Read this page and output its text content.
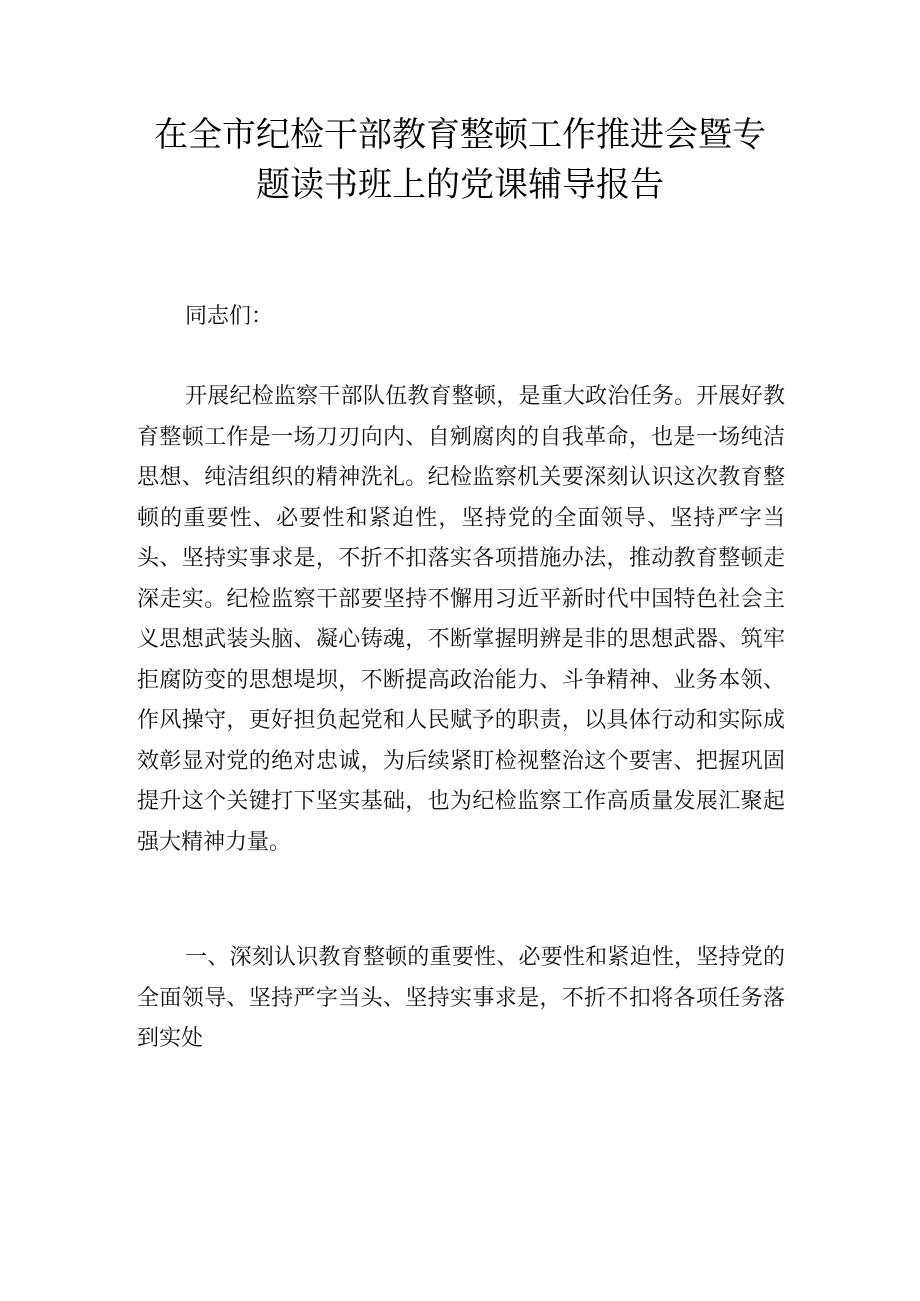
在全市纪检干部教育整顿工作推进会暨专
题读书班上的党课辅导报告

同志们：

开展纪检监察干部队伍教育整顿，是重大政治任务。开展好教育整顿工作是一场刀刃向内、自剜腐肉的自我革命，也是一场纯洁思想、纯洁组织的精神洗礼。纪检监察机关要深刻认识这次教育整顿的重要性、必要性和紧迫性，坚持党的全面领导、坚持严字当头、坚持实事求是，不折不扣落实各项措施办法，推动教育整顿走深走实。纪检监察干部要坚持不懈用习近平新时代中国特色社会主义思想武装头脑、凝心铸魂，不断掌握明辨是非的思想武器、筑牢拒腐防变的思想堤坝，不断提高政治能力、斗争精神、业务本领、作风操守，更好担负起党和人民赋予的职责，以具体行动和实际成效彰显对党的绝对忠诚，为后续紧盯检视整治这个要害、把握巩固提升这个关键打下坚实基础，也为纪检监察工作高质量发展汇聚起强大精神力量。

一、深刻认识教育整顿的重要性、必要性和紧迫性，坚持党的全面领导、坚持严字当头、坚持实事求是，不折不扣将各项任务落到实处
